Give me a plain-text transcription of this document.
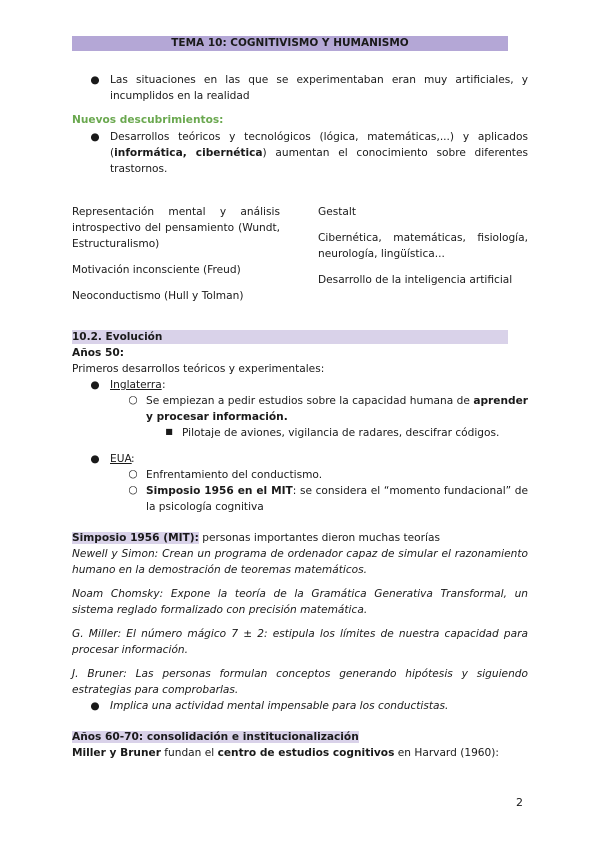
TEMA 10: COGNITIVISMO Y HUMANISMO
● Las situaciones en las que se experimentaban eran muy artificiales, y incumplidos en la realidad
Nuevos descubrimientos:
● Desarrollos teóricos y tecnológicos (lógica, matemáticas,...) y aplicados (informática, cibernética) aumentan el conocimiento sobre diferentes trastornos.
Representación mental y análisis introspectivo del pensamiento (Wundt, Estructuralismo)
Motivación inconsciente (Freud)
Neoconductismo (Hull y Tolman)
Gestalt
Cibernética, matemáticas, fisiología, neurología, lingüística...
Desarrollo de la inteligencia artificial
10.2. Evolución
Años 50:
Primeros desarrollos teóricos y experimentales:
● Inglaterra :
○ Se empiezan a pedir estudios sobre la capacidad humana de aprender y procesar información.
■ Pilotaje de aviones, vigilancia de radares, descifrar códigos.
● EUA :
○ Enfrentamiento del conductismo.
○ Simposio 1956 en el MIT: se considera el “momento fundacional” de la psicología cognitiva
Simposio 1956 (MIT): personas importantes dieron muchas teorías
Newell y Simon: Crean un programa de ordenador capaz de simular el razonamiento humano en la demostración de teoremas matemáticos.
Noam Chomsky: Expone la teoría de la Gramática Generativa Transformal, un sistema reglado formalizado con precisión matemática.
G. Miller: El número mágico 7 ± 2: estipula los límites de nuestra capacidad para procesar información.
J. Bruner: Las personas formulan conceptos generando hipótesis y siguiendo estrategias para comprobarlas.
● Implica una actividad mental impensable para los conductistas.
Años 60-70: consolidación e institucionalización
Miller y Bruner fundan el centro de estudios cognitivos en Harvard (1960):
2
